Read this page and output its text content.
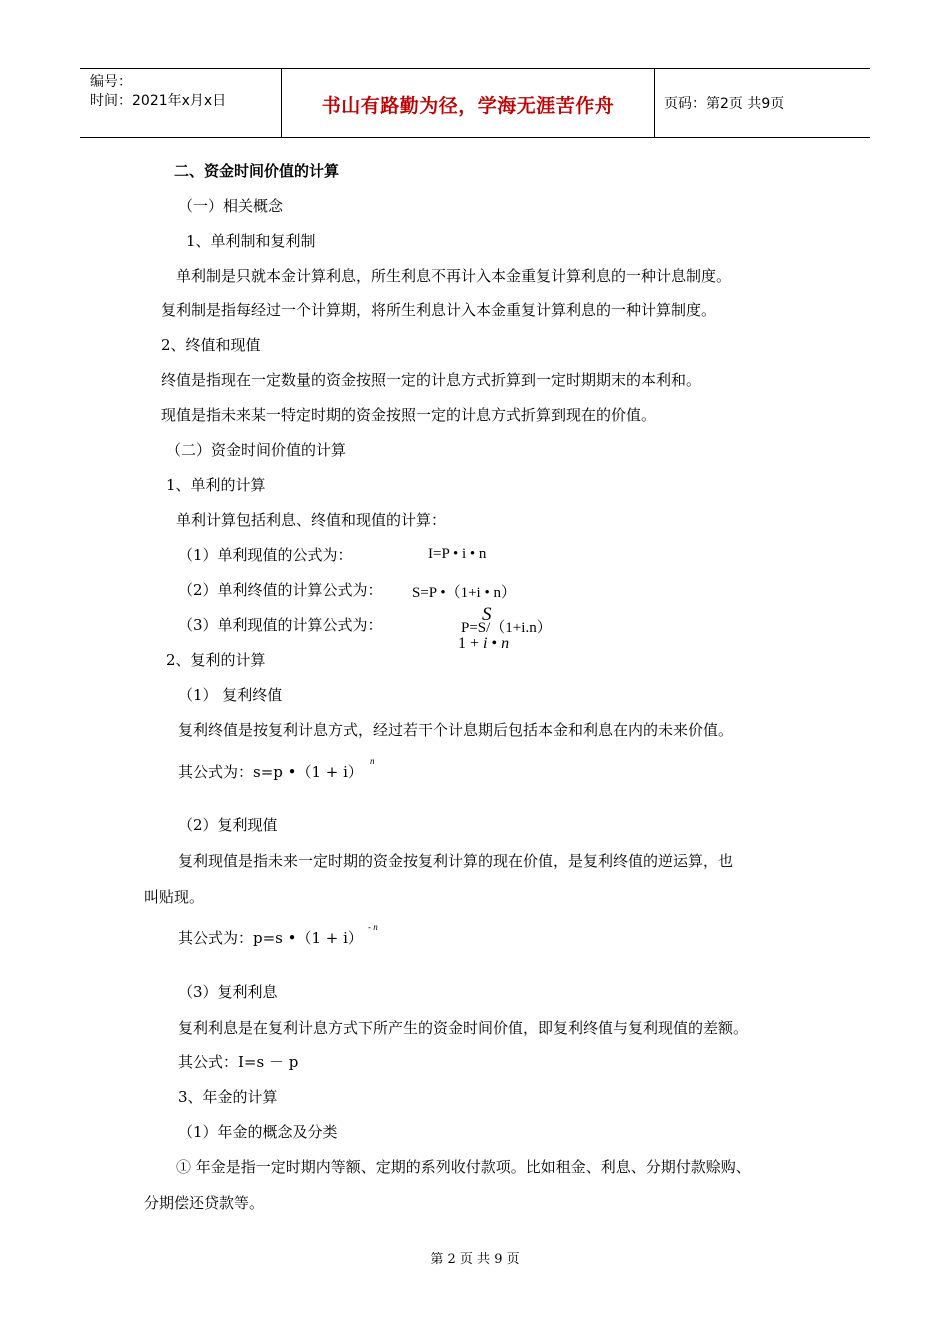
编号：
时间：2021年x月x日	书山有路勤为径，学海无涯苦作舟	页码：第2页 共9页
二、资金时间价值的计算
（一）相关概念
1、单利制和复利制
单利制是只就本金计算利息，所生利息不再计入本金重复计算利息的一种计息制度。
复利制是指每经过一个计算期，将所生利息计入本金重复计算利息的一种计算制度。
2、终值和现值
终值是指现在一定数量的资金按照一定的计息方式折算到一定时期期末的本利和。
现值是指未来某一特定时期的资金按照一定的计息方式折算到现在的价值。
（二）资金时间价值的计算
1、单利的计算
单利计算包括利息、终值和现值的计算：
（1）单利现值的公式为：	I=P • i • n
（2）单利终值的计算公式为： S=P •（1+i • n）
（3）单利现值的计算公式为：	P=S/（1+i.n）
S
1 + i • n
2、复利的计算
（1） 复利终值
复利终值是按复利计息方式，经过若干个计息期后包括本金和利息在内的未来价值。
其公式为：s=p •（1 + i）
n
（2）复利现值
复利现值是指未来一定时期的资金按复利计算的现在价值，是复利终值的逆运算，也
叫贴现。
其公式为：p=s •（1 + i）
- n
（3）复利利息
复利利息是在复利计息方式下所产生的资金时间价值，即复利终值与复利现值的差额。
其公式：I=s － p
3、年金的计算
（1）年金的概念及分类
① 年金是指一定时期内等额、定期的系列收付款项。比如租金、利息、分期付款赊购、
分期偿还贷款等。
第 2 页 共 9 页
